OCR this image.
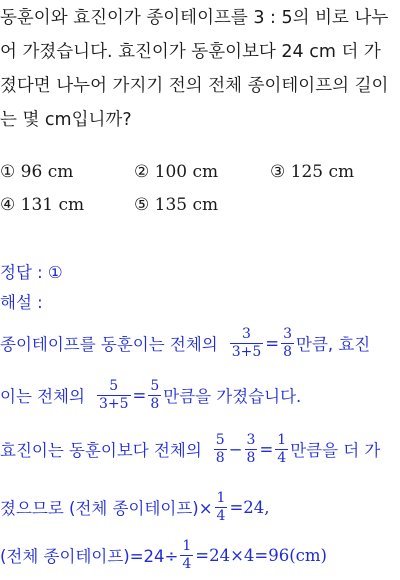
동훈이와 효진이가 종이테이프를 3 : 5의 비로 나누
어 가졌습니다. 효진이가 동훈이보다 24 cm 더 가
졌다면 나누어 가지기 전의 전체 종이테이프의 길이
는 몇 cm입니까?
① 96 cm	② 100 cm	③ 125 cm
④ 131 cm	⑤ 135 cm
정답 : ①
해설 :
종이테이프를 동훈이는 전체의 $\frac{3}{3+5} = \frac{3}{8}$ 만큼, 효진
이는 전체의 $\frac{5}{3+5} = \frac{5}{8}$ 만큼을 가졌습니다.
효진이는 동훈이보다 전체의 $\frac{5}{8} - \frac{3}{8} = \frac{1}{4}$ 만큼을 더 가
졌으므로 (전체 종이테이프)× $\frac{1}{4} =24$,
(전체 종이테이프)$=24\div \frac{1}{4} =24\times 4=96(cm)$
